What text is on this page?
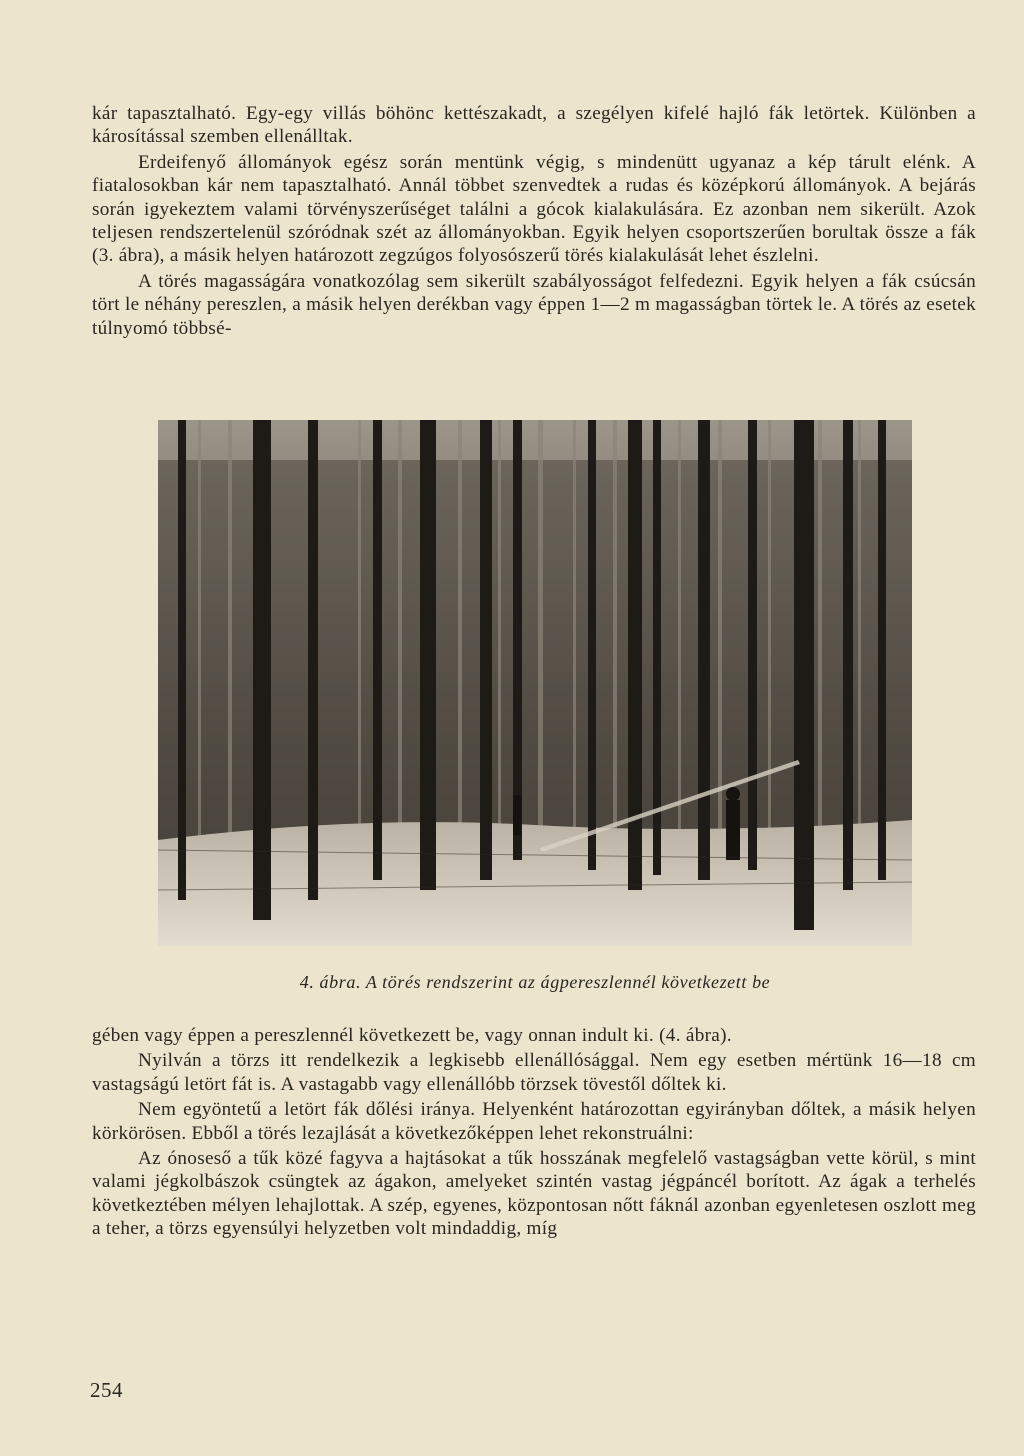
kár tapasztalható. Egy-egy villás böhönc kettészakadt, a szegélyen kifelé hajló fák letörtek. Különben a károsítással szemben ellenálltak.

Erdeifenyő állományok egész során mentünk végig, s mindenütt ugyanaz a kép tárult elénk. A fiatalosokban kár nem tapasztalható. Annál többet szenvedtek a rudas és középkorú állományok. A bejárás során igyekeztem valami törvényszerűséget találni a gócok kialakulására. Ez azonban nem sikerült. Azok teljesen rendszertelenül szóródnak szét az állományokban. Egyik helyen csoportszerűen borultak össze a fák (3. ábra), a másik helyen határozott zegzúgos folyosószerű törés kialakulását lehet észlelni.

A törés magasságára vonatkozólag sem sikerült szabályosságot felfedezni. Egyik helyen a fák csúcsán tört le néhány pereszlen, a másik helyen derékban vagy éppen 1—2 m magasságban törtek le. A törés az esetek túlnyomó többsé-

4. ábra. A törés rendszerint az ágpereszlennél következett be

gében vagy éppen a pereszlennél következett be, vagy onnan indult ki. (4. ábra).

Nyilván a törzs itt rendelkezik a legkisebb ellenállósággal. Nem egy esetben mértünk 16—18 cm vastagságú letört fát is. A vastagabb vagy ellenállóbb törzsek tövestől dőltek ki.

Nem egyöntetű a letört fák dőlési iránya. Helyenként határozottan egyirányban dőltek, a másik helyen körkörösen. Ebből a törés lezajlását a következőképpen lehet rekonstruálni:

Az ónoseső a tűk közé fagyva a hajtásokat a tűk hosszának megfelelő vastagságban vette körül, s mint valami jégkolbászok csüngtek az ágakon, amelyeket szintén vastag jégpáncél borított. Az ágak a terhelés következtében mélyen lehajlottak. A szép, egyenes, központosan nőtt fáknál azonban egyenletesen oszlott meg a teher, a törzs egyensúlyi helyzetben volt mindaddig, míg

254
